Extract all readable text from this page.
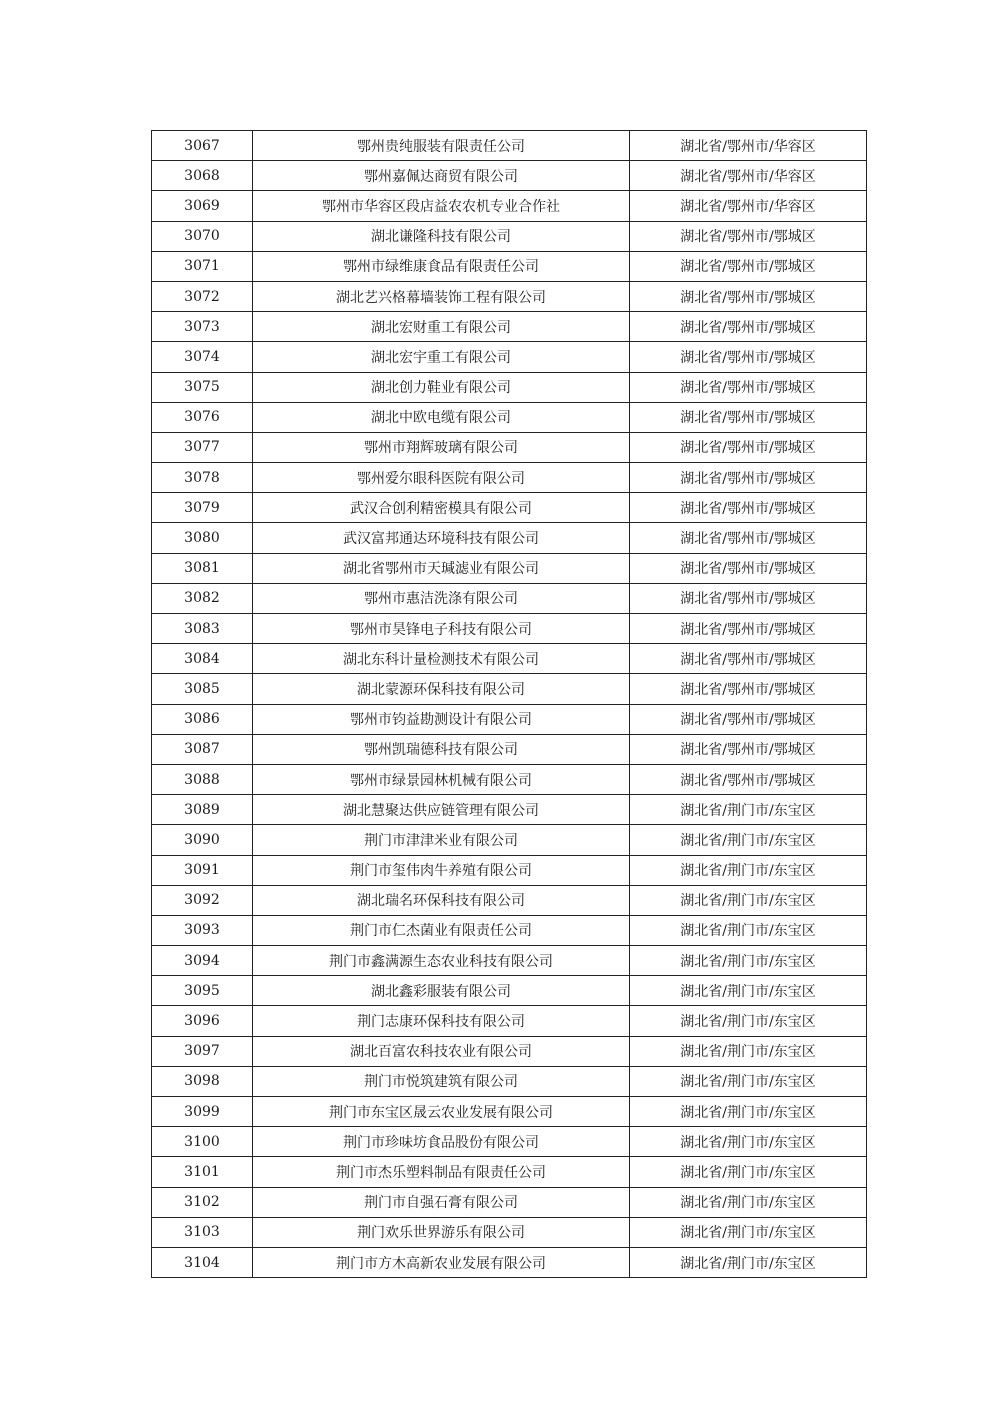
3067	鄂州贵纯服装有限责任公司	湖北省/鄂州市/华容区
3068	鄂州嘉佩达商贸有限公司	湖北省/鄂州市/华容区
3069	鄂州市华容区段店益农农机专业合作社	湖北省/鄂州市/华容区
3070	湖北谦隆科技有限公司	湖北省/鄂州市/鄂城区
3071	鄂州市绿维康食品有限责任公司	湖北省/鄂州市/鄂城区
3072	湖北艺兴格幕墙装饰工程有限公司	湖北省/鄂州市/鄂城区
3073	湖北宏财重工有限公司	湖北省/鄂州市/鄂城区
3074	湖北宏宇重工有限公司	湖北省/鄂州市/鄂城区
3075	湖北创力鞋业有限公司	湖北省/鄂州市/鄂城区
3076	湖北中欧电缆有限公司	湖北省/鄂州市/鄂城区
3077	鄂州市翔辉玻璃有限公司	湖北省/鄂州市/鄂城区
3078	鄂州爱尔眼科医院有限公司	湖北省/鄂州市/鄂城区
3079	武汉合创利精密模具有限公司	湖北省/鄂州市/鄂城区
3080	武汉富邦通达环境科技有限公司	湖北省/鄂州市/鄂城区
3081	湖北省鄂州市天瑊滤业有限公司	湖北省/鄂州市/鄂城区
3082	鄂州市惠洁洗涤有限公司	湖北省/鄂州市/鄂城区
3083	鄂州市昊锋电子科技有限公司	湖北省/鄂州市/鄂城区
3084	湖北东科计量检测技术有限公司	湖北省/鄂州市/鄂城区
3085	湖北蒙源环保科技有限公司	湖北省/鄂州市/鄂城区
3086	鄂州市钧益勘测设计有限公司	湖北省/鄂州市/鄂城区
3087	鄂州凯瑞德科技有限公司	湖北省/鄂州市/鄂城区
3088	鄂州市绿景园林机械有限公司	湖北省/鄂州市/鄂城区
3089	湖北慧聚达供应链管理有限公司	湖北省/荆门市/东宝区
3090	荆门市津津米业有限公司	湖北省/荆门市/东宝区
3091	荆门市玺伟肉牛养殖有限公司	湖北省/荆门市/东宝区
3092	湖北瑞名环保科技有限公司	湖北省/荆门市/东宝区
3093	荆门市仁杰菌业有限责任公司	湖北省/荆门市/东宝区
3094	荆门市鑫满源生态农业科技有限公司	湖北省/荆门市/东宝区
3095	湖北鑫彩服装有限公司	湖北省/荆门市/东宝区
3096	荆门志康环保科技有限公司	湖北省/荆门市/东宝区
3097	湖北百富农科技农业有限公司	湖北省/荆门市/东宝区
3098	荆门市悦筑建筑有限公司	湖北省/荆门市/东宝区
3099	荆门市东宝区晟云农业发展有限公司	湖北省/荆门市/东宝区
3100	荆门市珍味坊食品股份有限公司	湖北省/荆门市/东宝区
3101	荆门市杰乐塑料制品有限责任公司	湖北省/荆门市/东宝区
3102	荆门市自强石膏有限公司	湖北省/荆门市/东宝区
3103	荆门欢乐世界游乐有限公司	湖北省/荆门市/东宝区
3104	荆门市方木高新农业发展有限公司	湖北省/荆门市/东宝区
